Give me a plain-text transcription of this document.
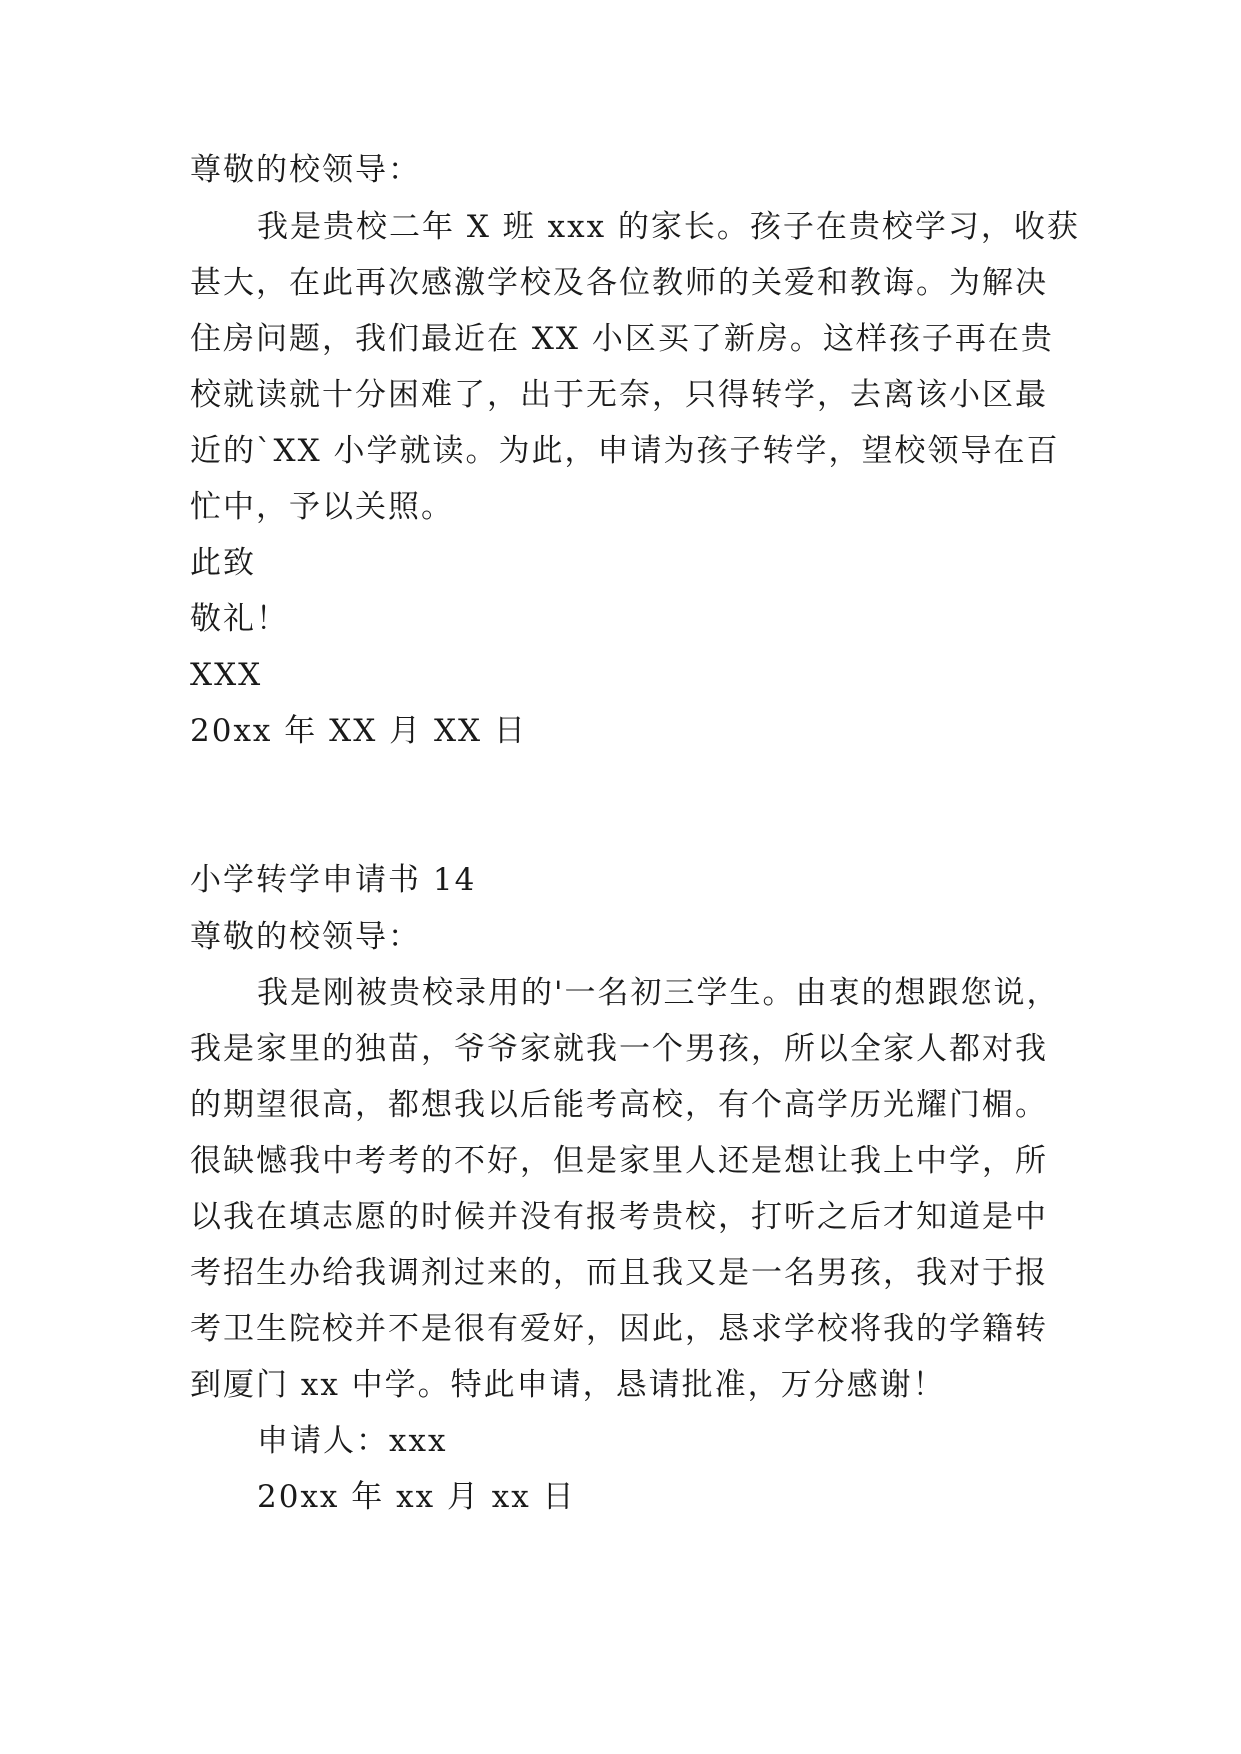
尊敬的校领导：
我是贵校二年 X 班 xxx 的家长。孩子在贵校学习，收获
甚大，在此再次感激学校及各位教师的关爱和教诲。为解决
住房问题，我们最近在 XX 小区买了新房。这样孩子再在贵
校就读就十分困难了，出于无奈，只得转学，去离该小区最
近的`XX 小学就读。为此，申请为孩子转学，望校领导在百
忙中，予以关照。
此致
敬礼！
XXX
20xx 年 XX 月 XX 日
小学转学申请书 14
尊敬的校领导：
我是刚被贵校录用的'一名初三学生。由衷的想跟您说，
我是家里的独苗，爷爷家就我一个男孩，所以全家人都对我
的期望很高，都想我以后能考高校，有个高学历光耀门楣。
很缺憾我中考考的不好，但是家里人还是想让我上中学，所
以我在填志愿的时候并没有报考贵校，打听之后才知道是中
考招生办给我调剂过来的，而且我又是一名男孩，我对于报
考卫生院校并不是很有爱好，因此，恳求学校将我的学籍转
到厦门 xx 中学。特此申请，恳请批准，万分感谢！
申请人：xxx
20xx 年 xx 月 xx 日
